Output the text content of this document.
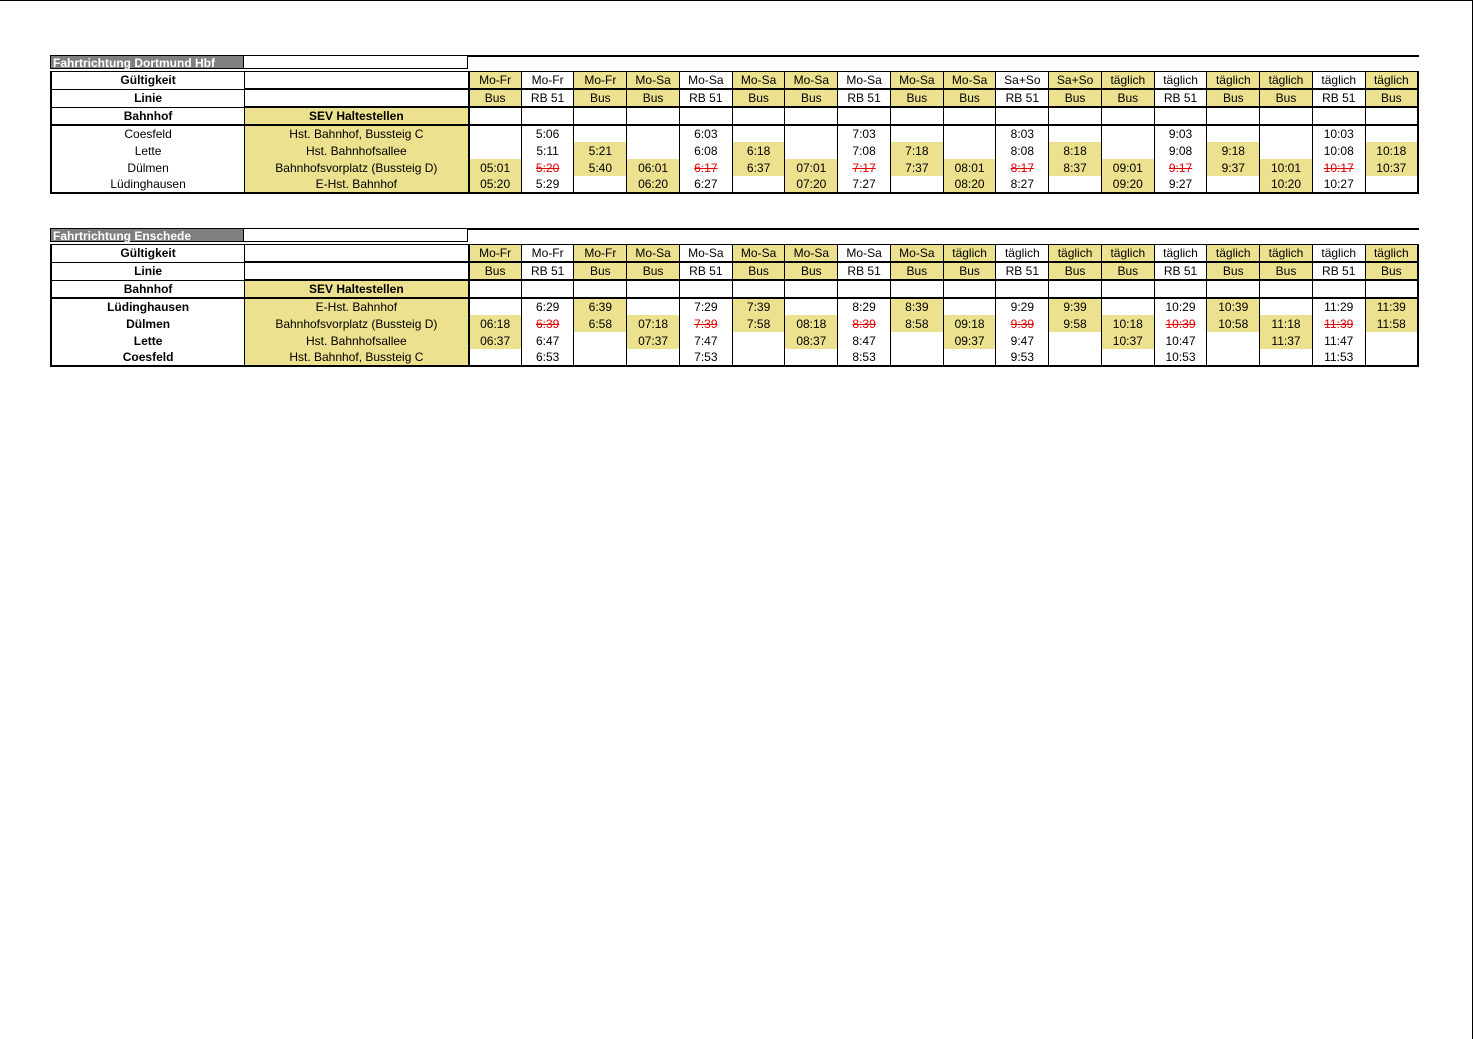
Fahrtrichtung Dortmund Hbf
Gültigkeit		Mo-Fr	Mo-Fr	Mo-Fr	Mo-Sa	Mo-Sa	Mo-Sa	Mo-Sa	Mo-Sa	Mo-Sa	Mo-Sa	Sa+So	Sa+So	täglich	täglich	täglich	täglich	täglich	täglich
Linie		Bus	RB 51	Bus	Bus	RB 51	Bus	Bus	RB 51	Bus	Bus	RB 51	Bus	Bus	RB 51	Bus	Bus	RB 51	Bus
Bahnhof	SEV Haltestellen																		
Coesfeld	Hst. Bahnhof, Bussteig C		5:06			6:03			7:03			8:03			9:03			10:03	
Lette	Hst. Bahnhofsallee		5:11	5:21		6:08	6:18		7:08	7:18		8:08	8:18		9:08	9:18		10:08	10:18
Dülmen	Bahnhofsvorplatz (Bussteig D)	05:01	5:20	5:40	06:01	6:17	6:37	07:01	7:17	7:37	08:01	8:17	8:37	09:01	9:17	9:37	10:01	10:17	10:37
Lüdinghausen	E-Hst. Bahnhof	05:20	5:29		06:20	6:27		07:20	7:27		08:20	8:27		09:20	9:27		10:20	10:27	
Fahrtrichtung Enschede
Gültigkeit		Mo-Fr	Mo-Fr	Mo-Fr	Mo-Sa	Mo-Sa	Mo-Sa	Mo-Sa	Mo-Sa	Mo-Sa	täglich	täglich	täglich	täglich	täglich	täglich	täglich	täglich	täglich
Linie		Bus	RB 51	Bus	Bus	RB 51	Bus	Bus	RB 51	Bus	Bus	RB 51	Bus	Bus	RB 51	Bus	Bus	RB 51	Bus
Bahnhof	SEV Haltestellen																		
Lüdinghausen	E-Hst. Bahnhof		6:29	6:39		7:29	7:39		8:29	8:39		9:29	9:39		10:29	10:39		11:29	11:39
Dülmen	Bahnhofsvorplatz (Bussteig D)	06:18	6:39	6:58	07:18	7:39	7:58	08:18	8:39	8:58	09:18	9:39	9:58	10:18	10:39	10:58	11:18	11:39	11:58
Lette	Hst. Bahnhofsallee	06:37	6:47		07:37	7:47		08:37	8:47		09:37	9:47		10:37	10:47		11:37	11:47	
Coesfeld	Hst. Bahnhof, Bussteig C		6:53			7:53			8:53			9:53			10:53			11:53	
